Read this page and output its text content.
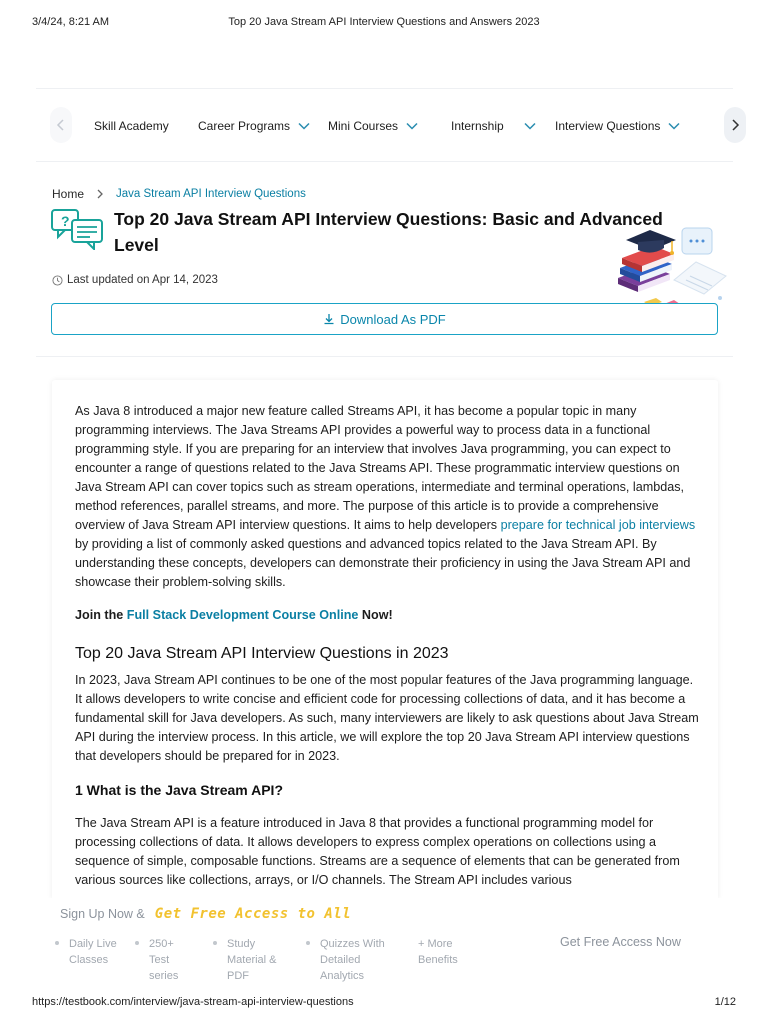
3/4/24, 8:21 AM	Top 20 Java Stream API Interview Questions and Answers 2023
Skill Academy Career Programs	Mini Courses	Internship	Interview Questions
Home	Java Stream API Interview Questions
?	Top 20 Java Stream API Interview Questions: Basic and Advanced Level
Last updated on Apr 14, 2023
Download As PDF

As Java 8 introduced a major new feature called Streams API, it has become a popular topic in many programming interviews. The Java Streams API provides a powerful way to process data in a functional programming style. If you are preparing for an interview that involves Java programming, you can expect to encounter a range of questions related to the Java Streams API. These programmatic interview questions on Java Stream API can cover topics such as stream operations, intermediate and terminal operations, lambdas, method references, parallel streams, and more. The purpose of this article is to provide a comprehensive overview of Java Stream API interview questions. It aims to help developers prepare for technical job interviews by providing a list of commonly asked questions and advanced topics related to the Java Stream API. By understanding these concepts, developers can demonstrate their proficiency in using the Java Stream API and showcase their problem-solving skills.

Join the Full Stack Development Course Online Now!

Top 20 Java Stream API Interview Questions in 2023

In 2023, Java Stream API continues to be one of the most popular features of the Java programming language. It allows developers to write concise and efficient code for processing collections of data, and it has become a fundamental skill for Java developers. As such, many interviewers are likely to ask questions about Java Stream API during the interview process. In this article, we will explore the top 20 Java Stream API interview questions that developers should be prepared for in 2023.

1 What is the Java Stream API?

The Java Stream API is a feature introduced in Java 8 that provides a functional programming model for processing collections of data. It allows developers to express complex operations on collections using a sequence of simple, composable functions. Streams are a sequence of elements that can be generated from various sources like collections, arrays, or I/O channels. The Stream API includes various

Sign Up Now & Get Free Access to All
Daily Live Classes
250+ Test series
Study Material & PDF
Quizzes With Detailed Analytics
+ More Benefits
Get Free Access Now
https://testbook.com/interview/java-stream-api-interview-questions	1/12
